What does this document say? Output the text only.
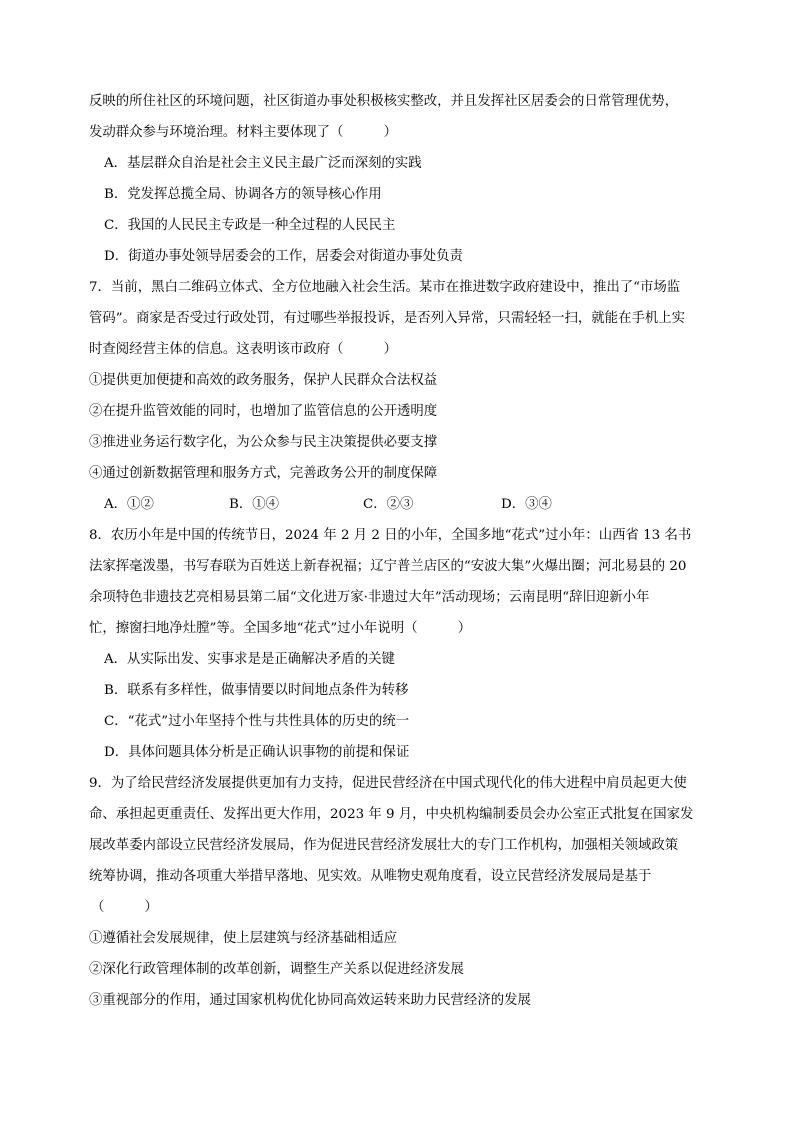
反映的所住社区的环境问题，社区街道办事处积极核实整改，并且发挥社区居委会的日常管理优势，
发动群众参与环境治理。材料主要体现了（　　　）
A．基层群众自治是社会主义民主最广泛而深刻的实践
B．党发挥总揽全局、协调各方的领导核心作用
C．我国的人民民主专政是一种全过程的人民民主
D．街道办事处领导居委会的工作，居委会对街道办事处负责
7．当前，黑白二维码立体式、全方位地融入社会生活。某市在推进数字政府建设中，推出了“市场监
管码”。商家是否受过行政处罚，有过哪些举报投诉，是否列入异常，只需轻轻一扫，就能在手机上实
时查阅经营主体的信息。这表明该市政府（　　　）
①提供更加便捷和高效的政务服务，保护人民群众合法权益
②在提升监管效能的同时，也增加了监管信息的公开透明度
③推进业务运行数字化，为公众参与民主决策提供必要支撑
④通过创新数据管理和服务方式，完善政务公开的制度保障
A．①②	B．①④	C．②③	D．③④
8．农历小年是中国的传统节日，2024 年 2 月 2 日的小年，全国多地“花式”过小年：山西省 13 名书
法家挥毫泼墨，书写春联为百姓送上新春祝福；辽宁普兰店区的“安波大集”火爆出圈；河北易县的 20
余项特色非遗技艺亮相易县第二届“文化进万家·非遗过大年”活动现场；云南昆明“辞旧迎新小年
忙，擦窗扫地净灶膛”等。全国多地“花式”过小年说明（　　　）
A．从实际出发、实事求是是正确解决矛盾的关键
B．联系有多样性，做事情要以时间地点条件为转移
C．“花式”过小年坚持个性与共性具体的历史的统一
D．具体问题具体分析是正确认识事物的前提和保证
9．为了给民营经济发展提供更加有力支持，促进民营经济在中国式现代化的伟大进程中肩员起更大使
命、承担起更重责任、发挥出更大作用，2023 年 9 月，中央机构编制委员会办公室正式批复在国家发
展改革委内部设立民营经济发展局，作为促进民营经济发展壮大的专门工作机构，加强相关领域政策
统筹协调，推动各项重大举措早落地、见实效。从唯物史观角度看，设立民营经济发展局是基于
（　　　）
①遵循社会发展规律，使上层建筑与经济基础相适应
②深化行政管理体制的改革创新，调整生产关系以促进经济发展
③重视部分的作用，通过国家机构优化协同高效运转来助力民营经济的发展
